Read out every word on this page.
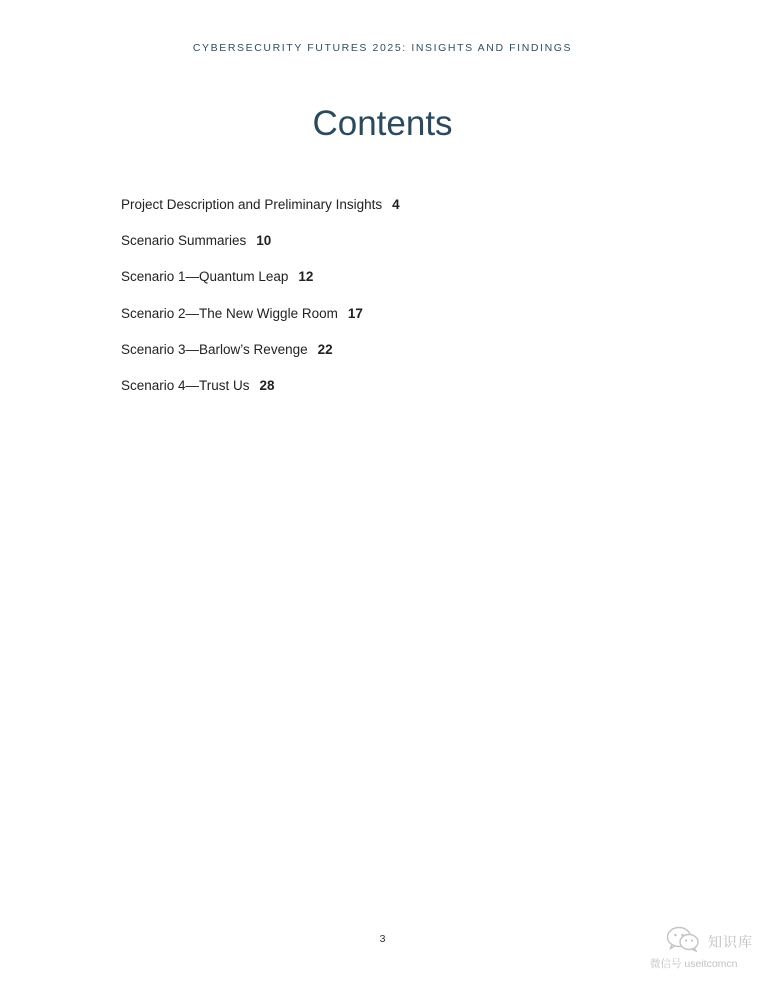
CYBERSECURITY FUTURES 2025: INSIGHTS AND FINDINGS
Contents
Project Description and Preliminary Insights 4
Scenario Summaries 10
Scenario 1—Quantum Leap 12
Scenario 2—The New Wiggle Room 17
Scenario 3—Barlow’s Revenge 22
Scenario 4—Trust Us 28
3	知识库
微信号 useitcomcn
